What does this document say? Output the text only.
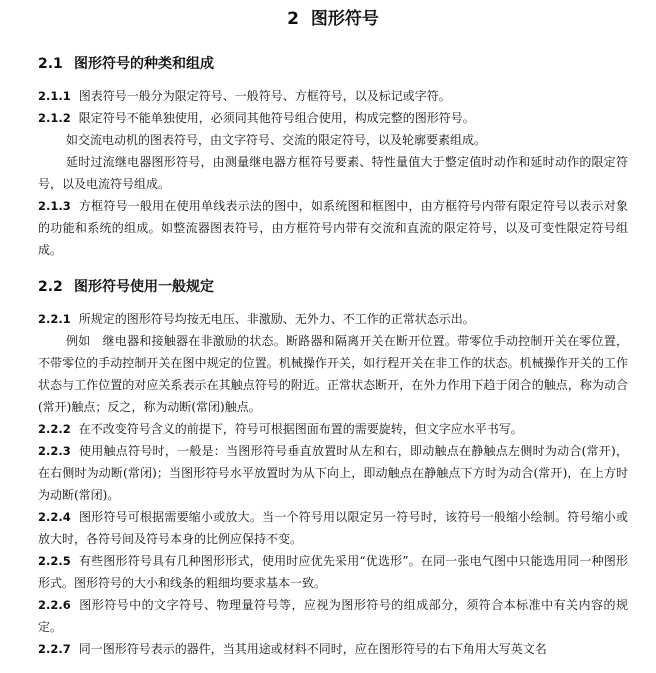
2 图形符号
2.1 图形符号的种类和组成

2.1.1 图表符号一般分为限定符号、一般符号、方框符号，以及标记或字符。

2.1.2 限定符号不能单独使用，必须同其他符号组合使用，构成完整的图形符号。

如交流电动机的图表符号，由文字符号、交流的限定符号，以及轮廓要素组成。

延时过流继电器图形符号，由测量继电器方框符号要素、特性量值大于整定值时动作和延时动作的限定符号，以及电流符号组成。

2.1.3 方框符号一般用在使用单线表示法的图中，如系统图和框图中，由方框符号内带有限定符号以表示对象的功能和系统的组成。如整流器图表符号，由方框符号内带有交流和直流的限定符号，以及可变性限定符号组成。

2.2 图形符号使用一般规定

2.2.1 所规定的图形符号均按无电压、非激励、无外力、不工作的正常状态示出。

例如　继电器和接触器在非激励的状态。断路器和隔离开关在断开位置。带零位手动控制开关在零位置，不带零位的手动控制开关在图中规定的位置。机械操作开关，如行程开关在非工作的状态。机械操作开关的工作状态与工作位置的对应关系表示在其触点符号的附近。正常状态断开，在外力作用下趋于闭合的触点，称为动合(常开)触点；反之，称为动断(常闭)触点。

2.2.2 在不改变符号含义的前提下，符号可根据图面布置的需要旋转，但文字应水平书写。

2.2.3 使用触点符号时，一般是：当图形符号垂直放置时从左和右，即动触点在静触点左侧时为动合(常开)，在右侧时为动断(常闭)；当图形符号水平放置时为从下向上，即动触点在静触点下方时为动合(常开)，在上方时为动断(常闭)。

2.2.4 图形符号可根据需要缩小或放大。当一个符号用以限定另一符号时，该符号一般缩小绘制。符号缩小或放大时，各符号间及符号本身的比例应保持不变。

2.2.5 有些图形符号具有几种图形形式，使用时应优先采用“优选形”。在同一张电气图中只能选用同一种图形形式。图形符号的大小和线条的粗细均要求基本一致。

2.2.6 图形符号中的文字符号、物理量符号等，应视为图形符号的组成部分，须符合本标准中有关内容的规定。

2.2.7 同一图形符号表示的器件，当其用途或材料不同时，应在图形符号的右下角用大写英文名
